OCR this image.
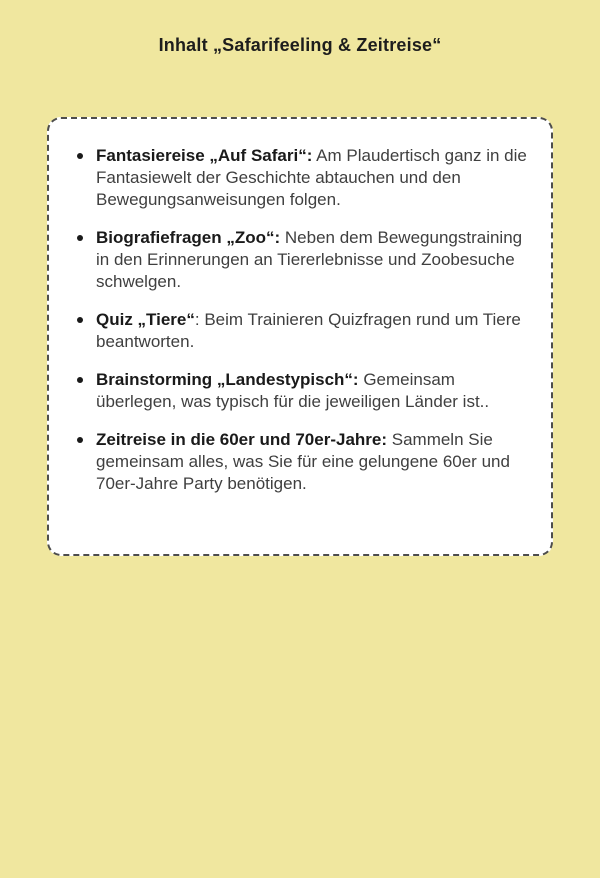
Inhalt „Safarifeeling & Zeitreise“
Fantasiereise „Auf Safari“: Am Plaudertisch ganz in die Fantasiewelt der Geschichte abtauchen und den Bewegungsanweisungen folgen.
Biografiefragen „Zoo“: Neben dem Bewegungstraining in den Erinnerungen an Tiererlebnisse und Zoobesuche schwelgen.
Quiz „Tiere“: Beim Trainieren Quizfragen rund um Tiere beantworten.
Brainstorming „Landestypisch“: Gemeinsam überlegen, was typisch für die jeweiligen Länder ist..
Zeitreise in die 60er und 70er-Jahre: Sammeln Sie gemeinsam alles, was Sie für eine gelungene 60er und 70er-Jahre Party benötigen.
